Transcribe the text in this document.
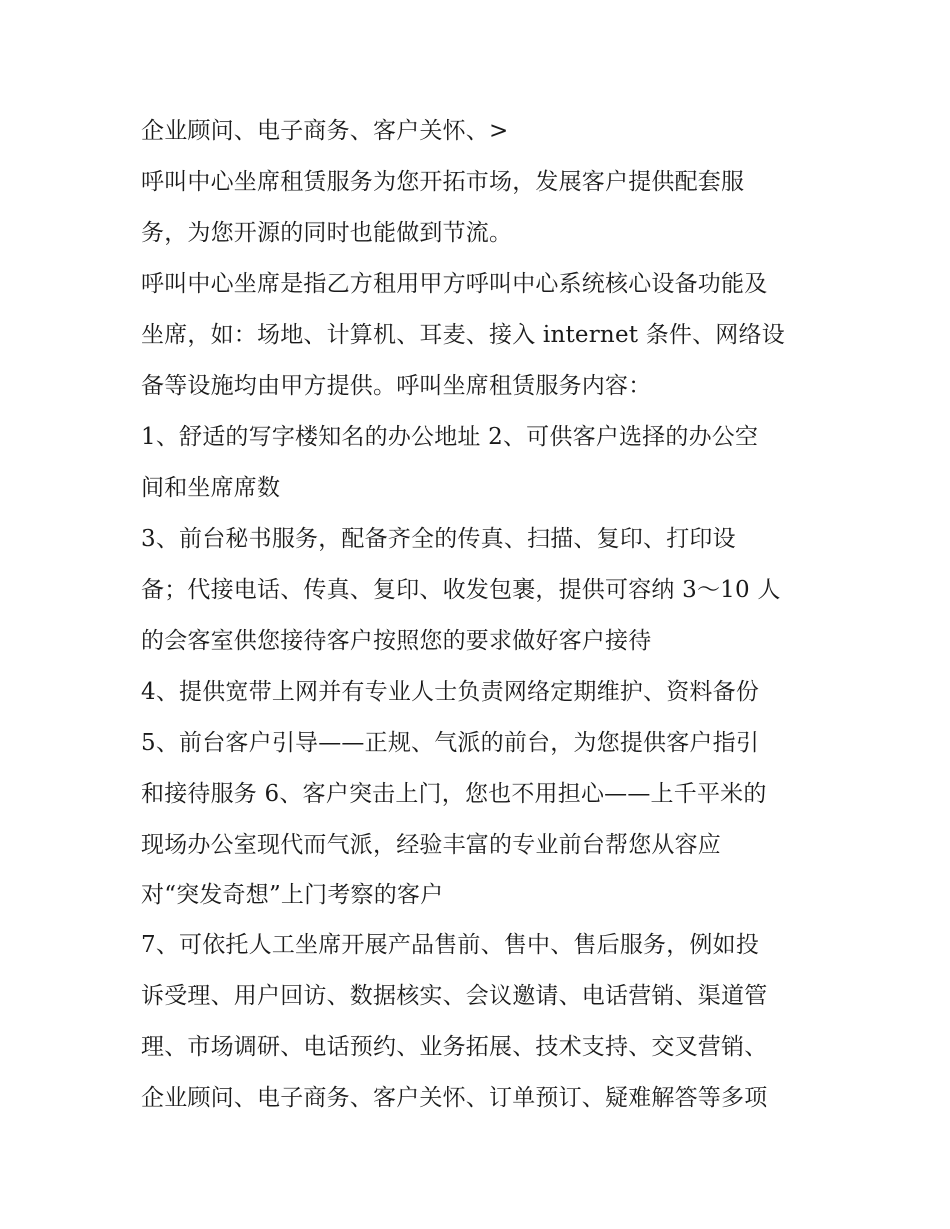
企业顾问、电子商务、客户关怀、>
呼叫中心坐席租赁服务为您开拓市场，发展客户提供配套服
务，为您开源的同时也能做到节流。
呼叫中心坐席是指乙方租用甲方呼叫中心系统核心设备功能及
坐席，如：场地、计算机、耳麦、接入 internet 条件、网络设
备等设施均由甲方提供。呼叫坐席租赁服务内容：
1、舒适的写字楼知名的办公地址 2、可供客户选择的办公空
间和坐席席数
3、前台秘书服务，配备齐全的传真、扫描、复印、打印设
备；代接电话、传真、复印、收发包裹，提供可容纳 3～10 人
的会客室供您接待客户按照您的要求做好客户接待
4、提供宽带上网并有专业人士负责网络定期维护、资料备份
5、前台客户引导——正规、气派的前台，为您提供客户指引
和接待服务 6、客户突击上门，您也不用担心——上千平米的
现场办公室现代而气派，经验丰富的专业前台帮您从容应
对“突发奇想”上门考察的客户
7、可依托人工坐席开展产品售前、售中、售后服务，例如投
诉受理、用户回访、数据核实、会议邀请、电话营销、渠道管
理、市场调研、电话预约、业务拓展、技术支持、交叉营销、
企业顾问、电子商务、客户关怀、订单预订、疑难解答等多项
